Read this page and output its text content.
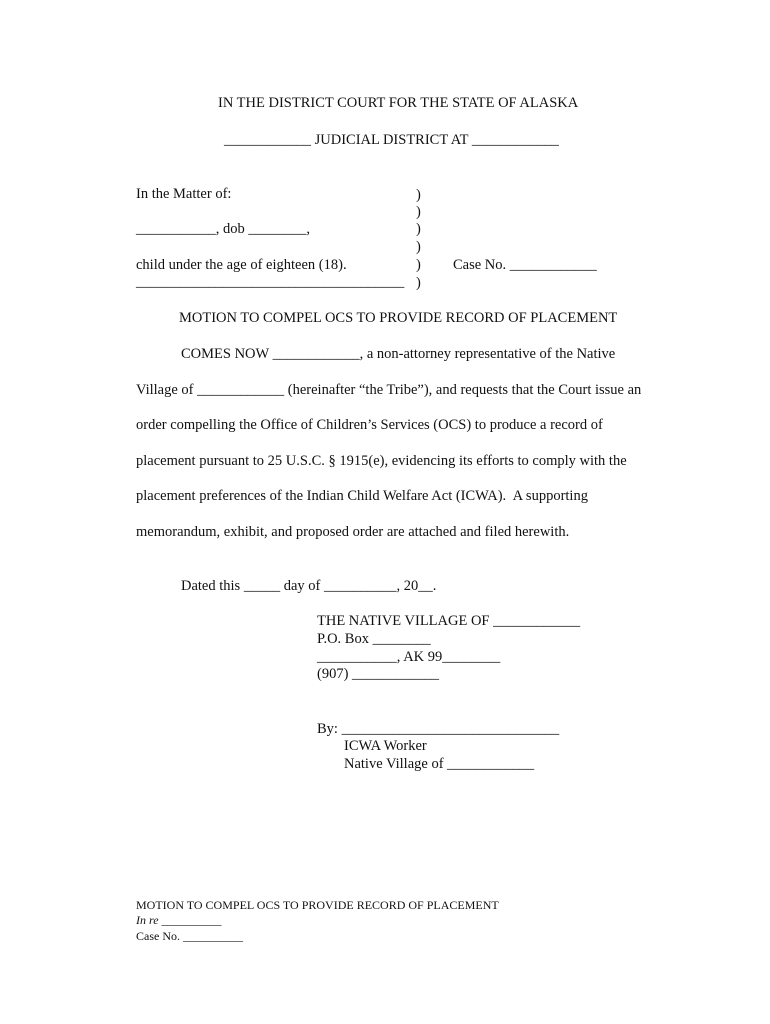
IN THE DISTRICT COURT FOR THE STATE OF ALASKA
____________ JUDICIAL DISTRICT AT ____________
In the Matter of:
___________, dob ________,
child under the age of eighteen (18).
_____________________________________
)
)
)
)
)
)
Case No. ____________
MOTION TO COMPEL OCS TO PROVIDE RECORD OF PLACEMENT
COMES NOW ____________, a non-attorney representative of the Native
Village of ____________ (hereinafter “the Tribe”), and requests that the Court issue an
order compelling the Office of Children’s Services (OCS) to produce a record of
placement pursuant to 25 U.S.C. § 1915(e), evidencing its efforts to comply with the
placement preferences of the Indian Child Welfare Act (ICWA).  A supporting
memorandum, exhibit, and proposed order are attached and filed herewith.
Dated this _____ day of __________, 20__.
THE NATIVE VILLAGE OF ____________
P.O. Box ________
___________, AK 99________
(907) ____________
By: ______________________________
ICWA Worker
Native Village of ____________
MOTION TO COMPEL OCS TO PROVIDE RECORD OF PLACEMENT
In re __________
Case No. __________
